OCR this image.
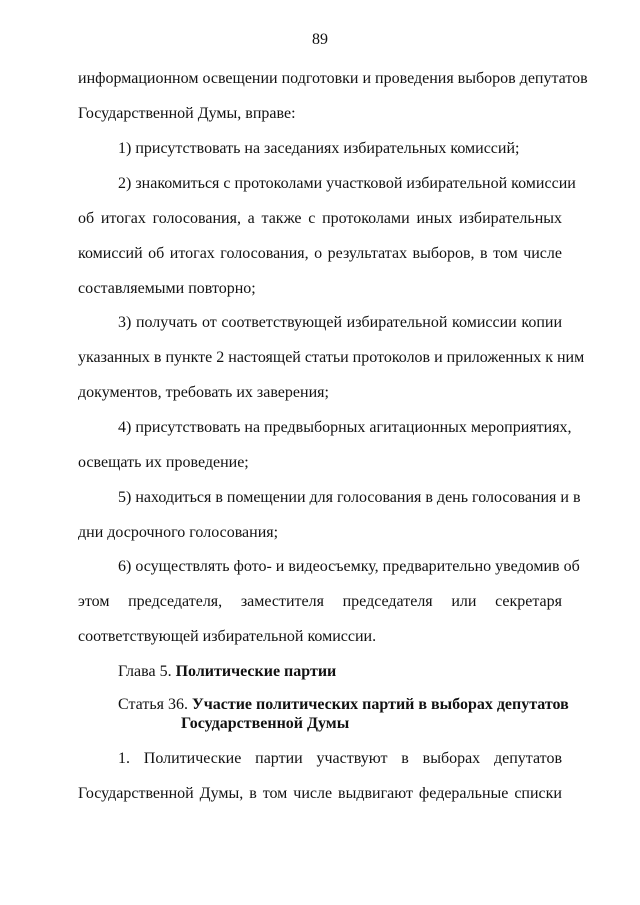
89
информационном освещении подготовки и проведения выборов депутатов
Государственной Думы, вправе:
1) присутствовать на заседаниях избирательных комиссий;
2) знакомиться с протоколами участковой избирательной комиссии
об итогах голосования, а также с протоколами иных избирательных
комиссий об итогах голосования, о результатах выборов, в том числе
составляемыми повторно;
3) получать от соответствующей избирательной комиссии копии
указанных в пункте 2 настоящей статьи протоколов и приложенных к ним
документов, требовать их заверения;
4) присутствовать на предвыборных агитационных мероприятиях,
освещать их проведение;
5) находиться в помещении для голосования в день голосования и в
дни досрочного голосования;
6) осуществлять фото- и видеосъемку, предварительно уведомив об
этом председателя, заместителя председателя или секретаря
соответствующей избирательной комиссии.
Глава 5. Политические партии
Статья 36. Участие политических партий в выборах депутатов
Государственной Думы
1. Политические партии участвуют в выборах депутатов
Государственной Думы, в том числе выдвигают федеральные списки
